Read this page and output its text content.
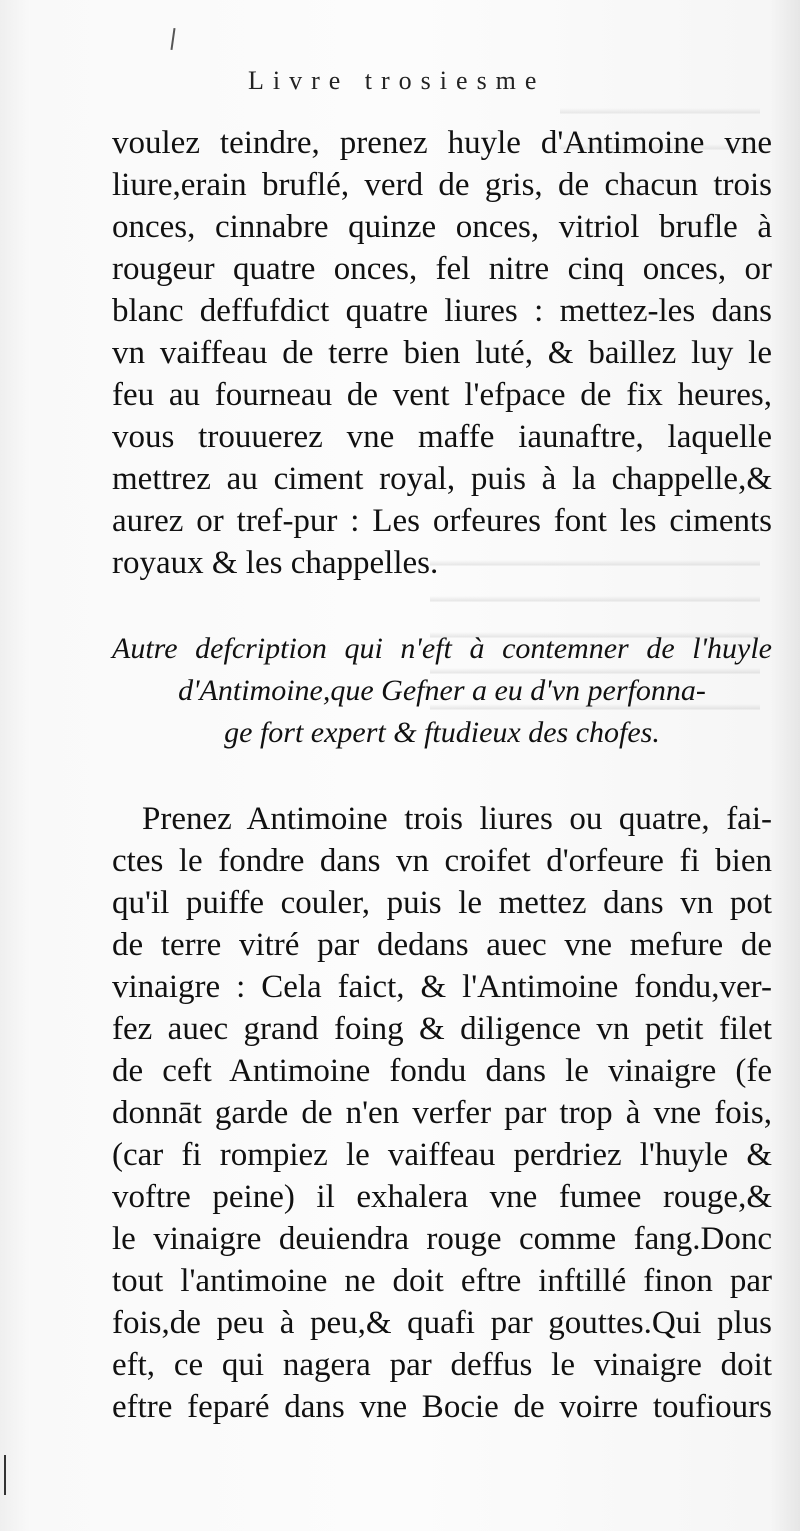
Livre trosiesme
voulez teindre, prenez huyle d'Antimoine vne
liure,erain bruflé, verd de gris, de chacun trois
onces, cinnabre quinze onces, vitriol brufle à
rougeur quatre onces, fel nitre cinq onces, or
blanc deffufdict quatre liures : mettez-les dans
vn vaiffeau de terre bien luté, & baillez luy le
feu au fourneau de vent l'efpace de fix heures,
vous trouuerez vne maffe iaunaftre, laquelle
mettrez au ciment royal, puis à la chappelle,&
aurez or tref-pur : Les orfeures font les ciments
royaux & les chappelles.
Autre defcription qui n'eft à contemner de l'huyle
d'Antimoine,que Gefner a eu d'vn perfonna-
ge fort expert & ftudieux des chofes.
Prenez Antimoine trois liures ou quatre, fai-
ctes le fondre dans vn croifet d'orfeure fi bien
qu'il puiffe couler, puis le mettez dans vn pot
de terre vitré par dedans auec vne mefure de
vinaigre : Cela faict, & l'Antimoine fondu,ver-
fez auec grand foing & diligence vn petit filet
de ceft Antimoine fondu dans le vinaigre (fe
donnāt garde de n'en verfer par trop à vne fois,
(car fi rompiez le vaiffeau perdriez l'huyle &
voftre peine) il exhalera vne fumee rouge,&
le vinaigre deuiendra rouge comme fang.Donc
tout l'antimoine ne doit eftre inftillé finon par
fois,de peu à peu,& quafi par gouttes.Qui plus
eft, ce qui nagera par deffus le vinaigre doit
eftre feparé dans vne Bocie de voirre toufiours
